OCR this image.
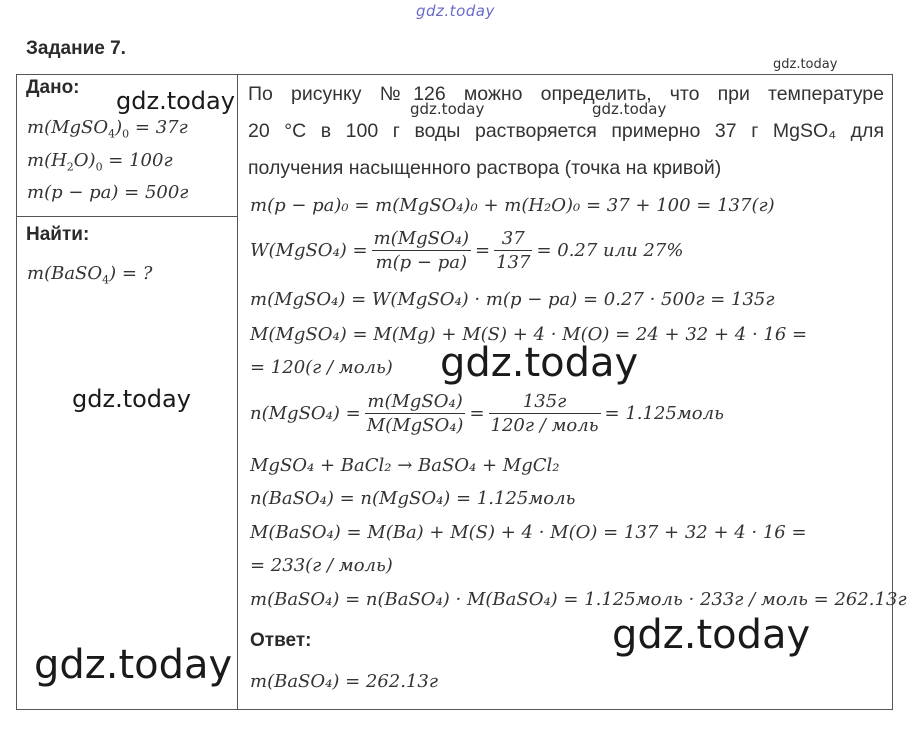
gdz.today
Задание 7.
gdz.today
Дано:
$m(MgSO_4)_0 = 37г$
$m(H_2O)_0 = 100г$
m(p − pa) = 500г
Найти:
m(BaSO$_4$) = ?
По рисунку №126 можно определить, что при температуре
20 °С в 100 г воды растворяется примерно 37 г MgSO₄ для
получения насыщенного раствора (точка на кривой)
m(p − pa)₀ = m(MgSO₄)₀ + m(H₂O)₀ = 37 + 100 = 137(г)
W(MgSO₄) = $\frac{\text{m(MgSO₄)}}{m(p - pa)} = \frac{37}{137} = 0.27$ или 27%
m(MgSO₄) = W(MgSO₄) · m(p − pa) = 0.27 · 500г = 135г
M(MgSO₄) = M(Mg) + M(S) + 4 · M(O) = 24 + 32 + 4 · 16 =
= 120(г / моль)
n(MgSO₄) = $\frac{\text{m(MgSO₄)}}{\text{M(MgSO₄)}} = \frac{135г}{\text{120г / моль}}$ = 1.125моль
MgSO₄ + BaCl₂ → BaSO₄ + MgCl₂
n(BaSO₄) = n(MgSO₄) = 1.125моль
M(BaSO₄) = M(Ba) + M(S) + 4 · M(O) = 137 + 32 + 4 · 16 =
= 233(г / моль)
m(BaSO₄) = n(BaSO₄) · M(BaSO₄) = 1.125моль · 233г / моль = 262.13г
Ответ:
m(BaSO₄) = 262.13г
gdz.today	gdz.today	gdz.today
gdz.today
gdz.today
gdz.today
gdz.today
